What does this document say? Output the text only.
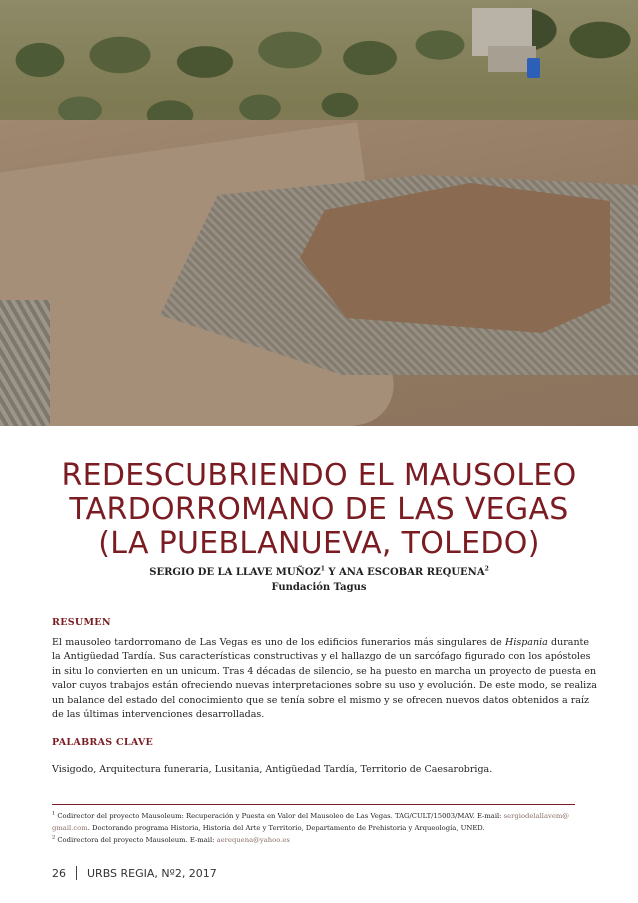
REDESCUBRIENDO EL MAUSOLEO
TARDORROMANO DE LAS VEGAS
(LA PUEBLANUEVA, TOLEDO)
SERGIO DE LA LLAVE MUÑOZ$^1$ Y ANA ESCOBAR REQUENA$^2$
Fundación Tagus
RESUMEN
El mausoleo tardorromano de Las Vegas es uno de los edificios funerarios más singulares de Hispania durante
la Antigüedad Tardía. Sus características constructivas y el hallazgo de un sarcófago figurado con los apóstoles
in situ lo convierten en un unicum. Tras 4 décadas de silencio, se ha puesto en marcha un proyecto de puesta en
valor cuyos trabajos están ofreciendo nuevas interpretaciones sobre su uso y evolución. De este modo, se realiza
un balance del estado del conocimiento que se tenía sobre el mismo y se ofrecen nuevos datos obtenidos a raíz
de las últimas intervenciones desarrolladas.
PALABRAS CLAVE
Visigodo, Arquitectura funeraria, Lusitania, Antigüedad Tardía, Territorio de Caesarobriga.
$^1$ Codirector del proyecto Mausoleum: Recuperación y Puesta en Valor del Mausoleo de Las Vegas. TAG/CULT/15003/MAV. E-mail: sergiodelallavem@
gmail.com. Doctorando programa Historia, Historia del Arte y Territorio, Departamento de Prehistoria y Arqueología, UNED.
$^2$ Codirectora del proyecto Mausoleum. E-mail: aerequena@yahoo.es
26 URBS REGIA, Nº2, 2017
